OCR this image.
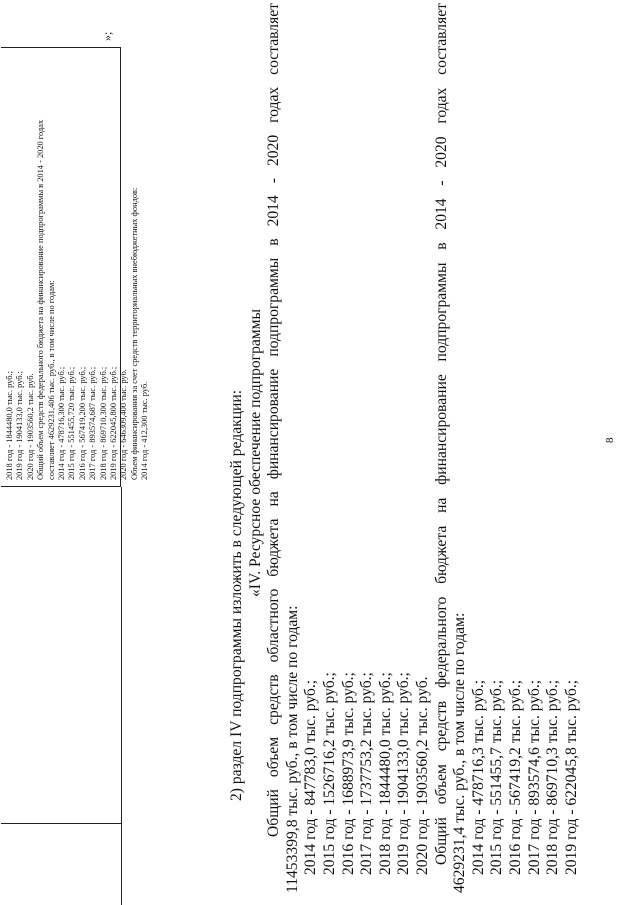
8
2018 год - 1844480,0 тыс. руб.; 2019 год - 1904133,0 тыс. руб.; 2020 год - 1903560,2 тыс. руб. Общий объем средств федерального бюджета на финансирование подпрограммы в 2014 - 2020 годах составляет 4629231,406 тыс. руб., в том числе по годам: 2014 год - 478716,300 тыс. руб.; 2015 год - 551455,720 тыс. руб.; 2016 год - 567419,200 тыс. руб.; 2017 год - 893574,687 тыс. руб.; 2018 год - 869710,300 тыс. руб.; 2019 год - 622045,800 тыс. руб.; 2020 год - 646309,400 тыс. руб. Объем финансирования за счет средств территориальных внебюджетных фондов: 2014 год - 412,300 тыс. руб.
»;
2) раздел IV подпрограммы изложить в следующей редакции: «IV. Ресурсное обеспечение подпрограммы Общий объем средств областного бюджета на финансирование подпрограммы в 2014 - 2020 годах составляет 11453399,8 тыс. руб., в том числе по годам: 2014 год - 847783,0 тыс. руб.; 2015 год - 1526716,2 тыс. руб.; 2016 год - 1688973,9 тыс. руб.; 2017 год - 1737753,2 тыс. руб.; 2018 год - 1844480,0 тыс. руб.; 2019 год - 1904133,0 тыс. руб.; 2020 год - 1903560,2 тыс. руб. Общий объем средств федерального бюджета на финансирование подпрограммы в 2014 - 2020 годах составляет 4629231,4 тыс. руб., в том числе по годам: 2014 год - 478716,3 тыс. руб.; 2015 год - 551455,7 тыс. руб.; 2016 год - 567419,2 тыс. руб.; 2017 год - 893574,6 тыс. руб.; 2018 год - 869710,3 тыс. руб.; 2019 год - 622045,8 тыс. руб.;
